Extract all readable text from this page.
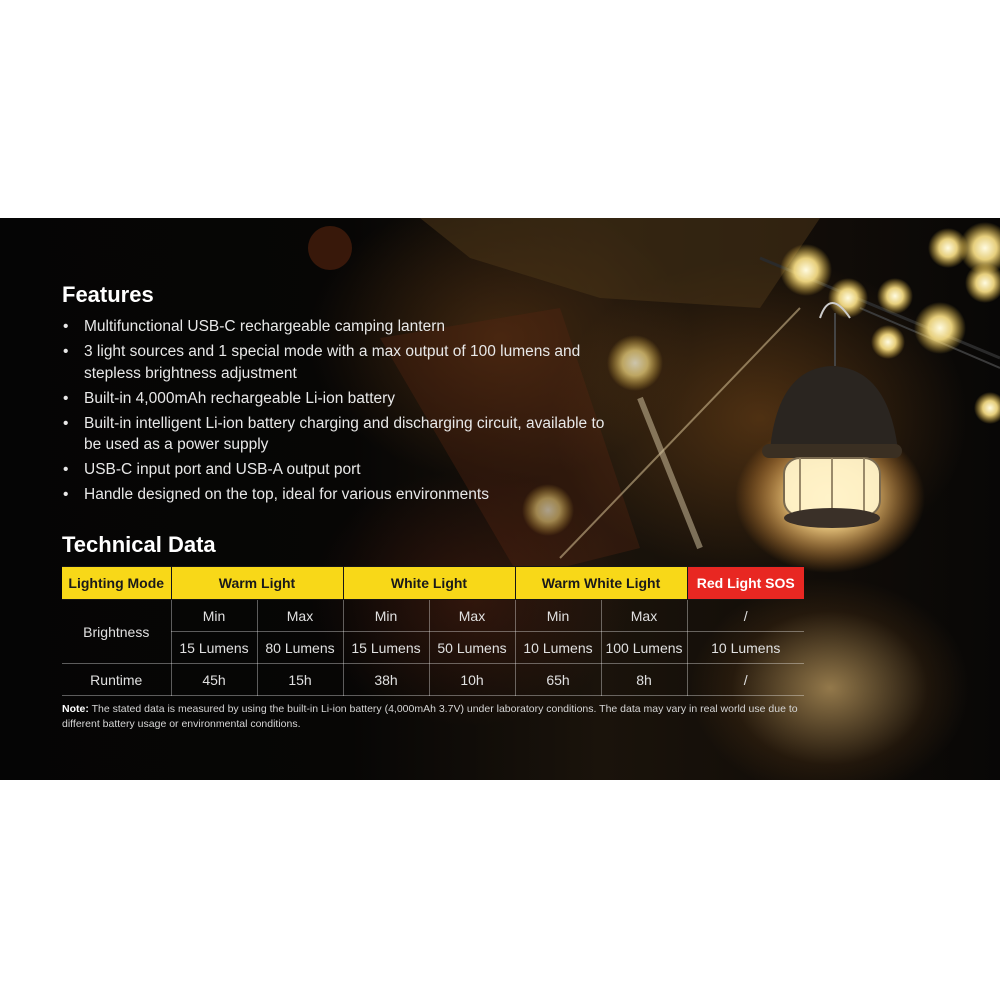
Features
• Multifunctional USB-C rechargeable camping lantern
• 3 light sources and 1 special mode with a max output of 100 lumens and stepless brightness adjustment
• Built-in 4,000mAh rechargeable Li-ion battery
• Built-in intelligent Li-ion battery charging and discharging circuit, available to be used as a power supply
• USB-C input port and USB-A output port
• Handle designed on the top, ideal for various environments
Technical Data
Lighting Mode	Warm Light		White Light		Warm White Light		Red Light SOS
Brightness	Min	Max	Min	Max	Min	Max	/
	15 Lumens	80 Lumens	15 Lumens	50 Lumens	10 Lumens	100 Lumens	10 Lumens
Runtime	45h	15h	38h	10h	65h	8h	/
Note: The stated data is measured by using the built-in Li-ion battery (4,000mAh 3.7V) under laboratory conditions. The data may vary in real world use due to different battery usage or environmental conditions.
